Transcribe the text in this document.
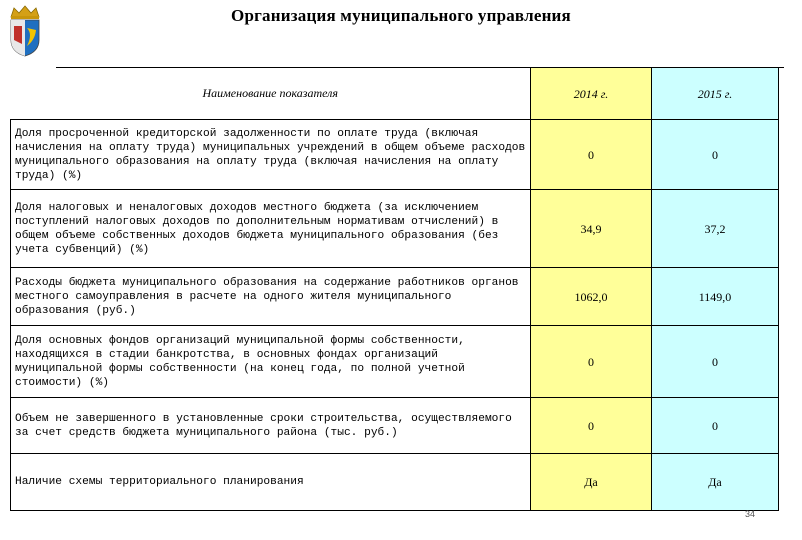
Организация муниципального управления
Наименование показателя	2014 г.	2015 г.
Доля просроченной кредиторской задолженности по оплате труда (включая начисления на оплату труда) муниципальных учреждений в общем объеме расходов муниципального образования на оплату труда (включая начисления на оплату труда) (%)	0	0
Доля налоговых и неналоговых доходов местного бюджета (за исключением поступлений налоговых доходов по дополнительным нормативам отчислений) в общем объеме собственных доходов бюджета муниципального образования (без учета субвенций) (%)	34,9	37,2
Расходы бюджета муниципального образования на содержание работников органов местного самоуправления в расчете на одного жителя муниципального образования (руб.)	1062,0	1149,0
Доля основных фондов организаций муниципальной формы собственности, находящихся в стадии банкротства, в основных фондах организаций муниципальной формы собственности (на конец года, по полной учетной стоимости) (%)	0	0
Объем не завершенного в установленные сроки строительства, осуществляемого за счет средств бюджета муниципального района (тыс. руб.)	0	0
Наличие схемы территориального планирования	Да	Да
34
